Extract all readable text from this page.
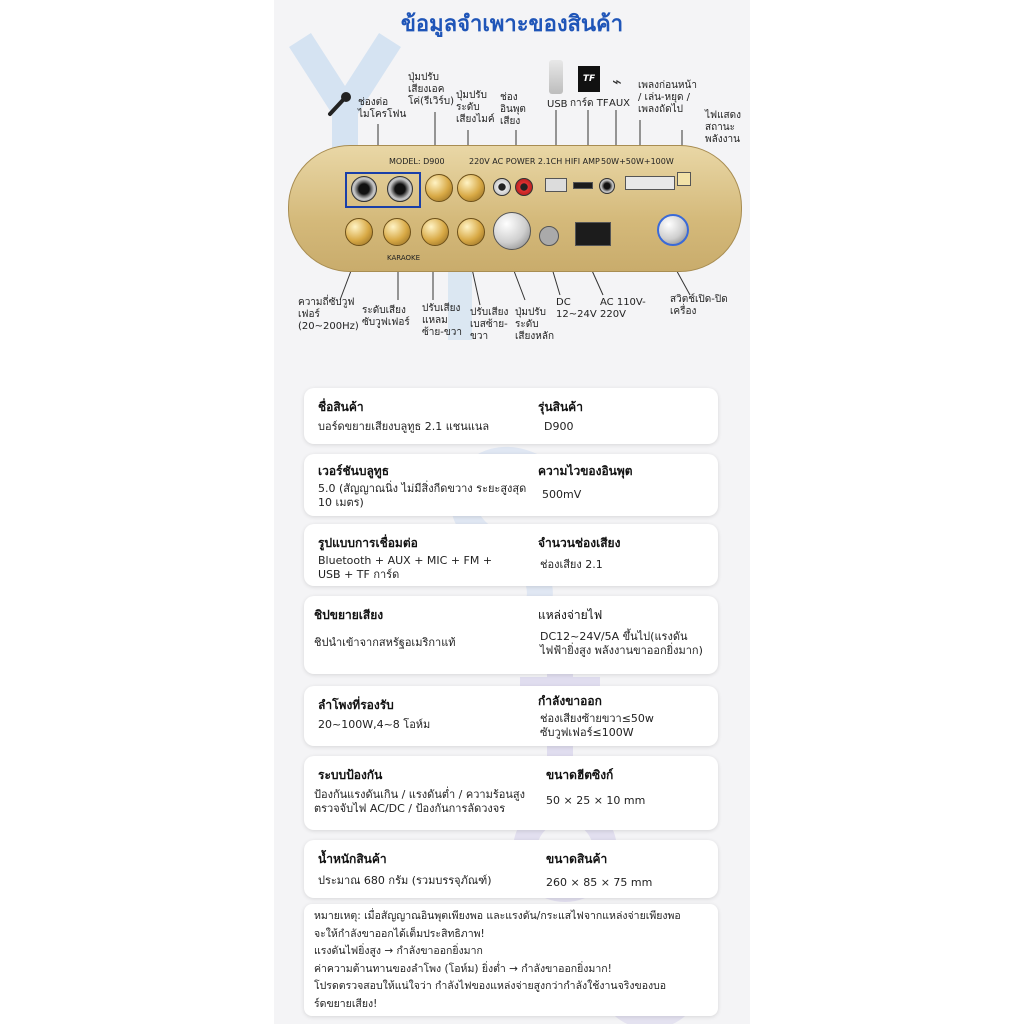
ข้อมูลจำเพาะของสินค้า
TF	⌁
ช่องต่อไมโครโฟน
ปุ่มปรับเสียงเอคโค่(รีเวิร์บ)
ปุ่มปรับระดับเสียงไมค์
ช่องอินพุตเสียง
USB การ์ด TF AUX
เพลงก่อนหน้า / เล่น-หยุด / เพลงถัดไป
ไฟแสดงสถานะพลังงาน
MODEL: D900	220V AC POWER 2.1CH HIFI AMP 50W+50W+100W
KARAOKE
ความถี่ซับวูฟเฟอร์ (20~200Hz)
ระดับเสียงซับวูฟเฟอร์
ปรับเสียงแหลมซ้าย-ขวา
ปรับเสียงเบสซ้าย-ขวา
ปุ่มปรับระดับเสียงหลัก
DC 12~24V
AC 110V-220V
สวิตช์เปิด-ปิดเครื่อง
ชื่อสินค้า
บอร์ดขยายเสียงบลูทูธ 2.1 แชนแนล
รุ่นสินค้า
D900
เวอร์ชันบลูทูธ
5.0 (สัญญาณนิ่ง ไม่มีสิ่งกีดขวาง ระยะสูงสุด 10 เมตร)
ความไวของอินพุต
500mV
รูปแบบการเชื่อมต่อ
Bluetooth + AUX + MIC + FM + USB + TF การ์ด
จำนวนช่องเสียง
ช่องเสียง 2.1
ชิปขยายเสียง
ชิปนำเข้าจากสหรัฐอเมริกาแท้
แหล่งจ่ายไฟ
DC12~24V/5A ขึ้นไป(แรงดันไฟฟ้ายิ่งสูง พลังงานขาออกยิ่งมาก)
ลำโพงที่รองรับ
20~100W,4~8 โอห์ม
กำลังขาออก
ช่องเสียงซ้ายขวา≤50w ซับวูฟเฟอร์≤100W
ระบบป้องกัน
ป้องกันแรงดันเกิน / แรงดันต่ำ / ความร้อนสูง ตรวจจับไฟ AC/DC / ป้องกันการลัดวงจร
ขนาดฮีตซิงก์
50 × 25 × 10 mm
น้ำหนักสินค้า
ประมาณ 680 กรัม (รวมบรรจุภัณฑ์)
ขนาดสินค้า
260 × 85 × 75 mm

หมายเหตุ: เมื่อสัญญาณอินพุตเพียงพอ และแรงดัน/กระแสไฟจากแหล่งจ่ายเพียงพอ

จะให้กำลังขาออกได้เต็มประสิทธิภาพ!

แรงดันไฟยิ่งสูง → กำลังขาออกยิ่งมาก

ค่าความต้านทานของลำโพง (โอห์ม) ยิ่งต่ำ → กำลังขาออกยิ่งมาก!

โปรดตรวจสอบให้แน่ใจว่า กำลังไฟของแหล่งจ่ายสูงกว่ากำลังใช้งานจริงของบอ

ร์ดขยายเสียง!
